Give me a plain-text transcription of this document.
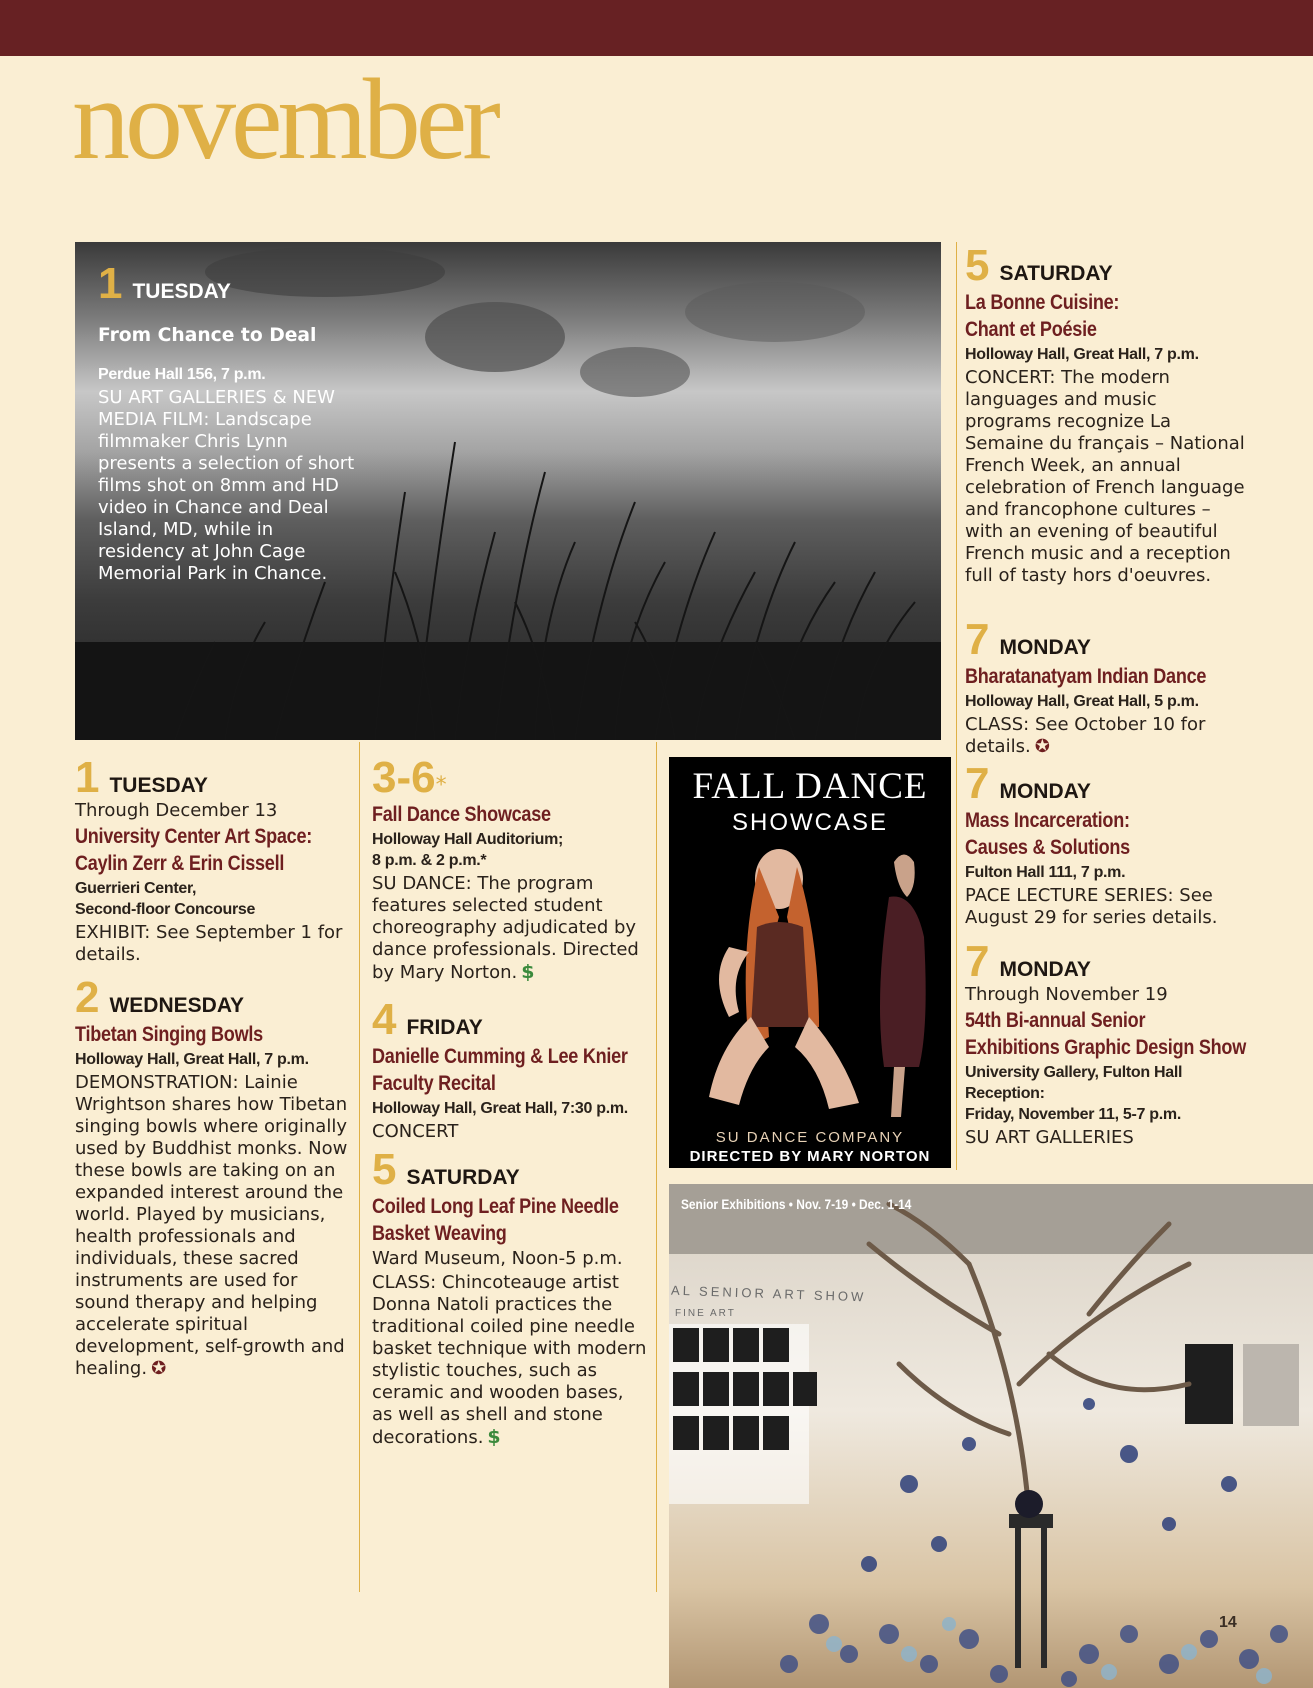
november
1 TUESDAY
From Chance to Deal
Perdue Hall 156, 7 p.m.
SU ART GALLERIES & NEW MEDIA FILM: Landscape filmmaker Chris Lynn presents a selection of short films shot on 8mm and HD video in Chance and Deal Island, MD, while in residency at John Cage Memorial Park in Chance.
1 TUESDAY
Through December 13
University Center Art Space:
Caylin Zerr & Erin Cissell
Guerrieri Center,
Second-floor Concourse
EXHIBIT: See September 1 for details.
2 WEDNESDAY
Tibetan Singing Bowls
Holloway Hall, Great Hall, 7 p.m.
DEMONSTRATION: Lainie Wrightson shares how Tibetan singing bowls where originally used by Buddhist monks. Now these bowls are taking on an expanded interest around the world. Played by musicians, health professionals and individuals, these sacred instruments are used for sound therapy and helping accelerate spiritual development, self-growth and healing. ✪
3-6 *
Fall Dance Showcase
Holloway Hall Auditorium;
8 p.m. & 2 p.m.*
SU DANCE: The program features selected student choreography adjudicated by dance professionals. Directed by Mary Norton. $
4 FRIDAY
Danielle Cumming & Lee Knier
Faculty Recital
Holloway Hall, Great Hall, 7:30 p.m.
CONCERT
5 SATURDAY
Coiled Long Leaf Pine Needle
Basket Weaving
Ward Museum, Noon-5 p.m.
CLASS: Chincoteauge artist Donna Natoli practices the traditional coiled pine needle basket technique with modern stylistic touches, such as ceramic and wooden bases, as well as shell and stone decorations. $
FALL DANCE
SHOWCASE
SU DANCE COMPANY
DIRECTED BY MARY NORTON
5 SATURDAY
La Bonne Cuisine:
Chant et Poésie
Holloway Hall, Great Hall, 7 p.m.
CONCERT: The modern languages and music programs recognize La Semaine du français – National French Week, an annual celebration of French language and francophone cultures – with an evening of beautiful French music and a reception full of tasty hors d'oeuvres.
7 MONDAY
Bharatanatyam Indian Dance
Holloway Hall, Great Hall, 5 p.m.
CLASS: See October 10 for details. ✪
7 MONDAY
Mass Incarceration:
Causes & Solutions
Fulton Hall 111, 7 p.m.
PACE LECTURE SERIES: See August 29 for series details.
7 MONDAY
Through November 19
54th Bi-annual Senior
Exhibitions Graphic Design Show
University Gallery, Fulton Hall
Reception:
Friday, November 11, 5-7 p.m.
SU ART GALLERIES
Senior Exhibitions • Nov. 7-19 • Dec. 1-14
AL SENIOR ART SHOW
FINE ART
14
